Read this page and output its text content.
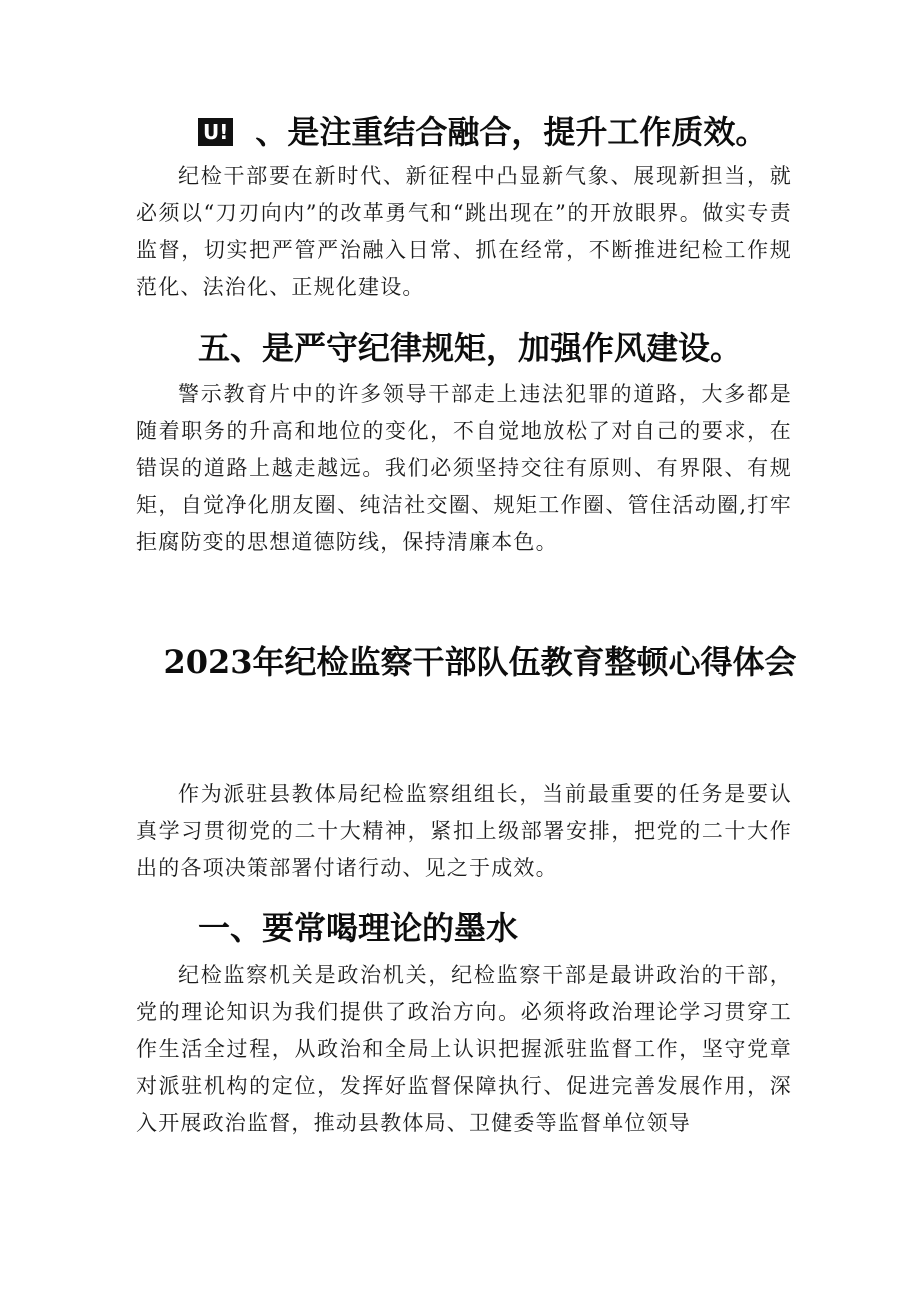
U! 、是注重结合融合，提升工作质效。

纪检干部要在新时代、新征程中凸显新气象、展现新担当，就必须以“刀刃向内”的改革勇气和“跳出现在”的开放眼界。做实专责监督，切实把严管严治融入日常、抓在经常，不断推进纪检工作规范化、法治化、正规化建设。

五、是严守纪律规矩，加强作风建设。

警示教育片中的许多领导干部走上违法犯罪的道路，大多都是随着职务的升高和地位的变化，不自觉地放松了对自己的要求，在错误的道路上越走越远。我们必须坚持交往有原则、有界限、有规矩，自觉净化朋友圈、纯洁社交圈、规矩工作圈、管住活动圈,打牢拒腐防变的思想道德防线，保持清廉本色。

2023年纪检监察干部队伍教育整顿心得体会

作为派驻县教体局纪检监察组组长，当前最重要的任务是要认真学习贯彻党的二十大精神，紧扣上级部署安排，把党的二十大作出的各项决策部署付诸行动、见之于成效。

一、要常喝理论的墨水

纪检监察机关是政治机关，纪检监察干部是最讲政治的干部，党的理论知识为我们提供了政治方向。必须将政治理论学习贯穿工作生活全过程，从政治和全局上认识把握派驻监督工作，坚守党章对派驻机构的定位，发挥好监督保障执行、促进完善发展作用，深入开展政治监督，推动县教体局、卫健委等监督单位领导
